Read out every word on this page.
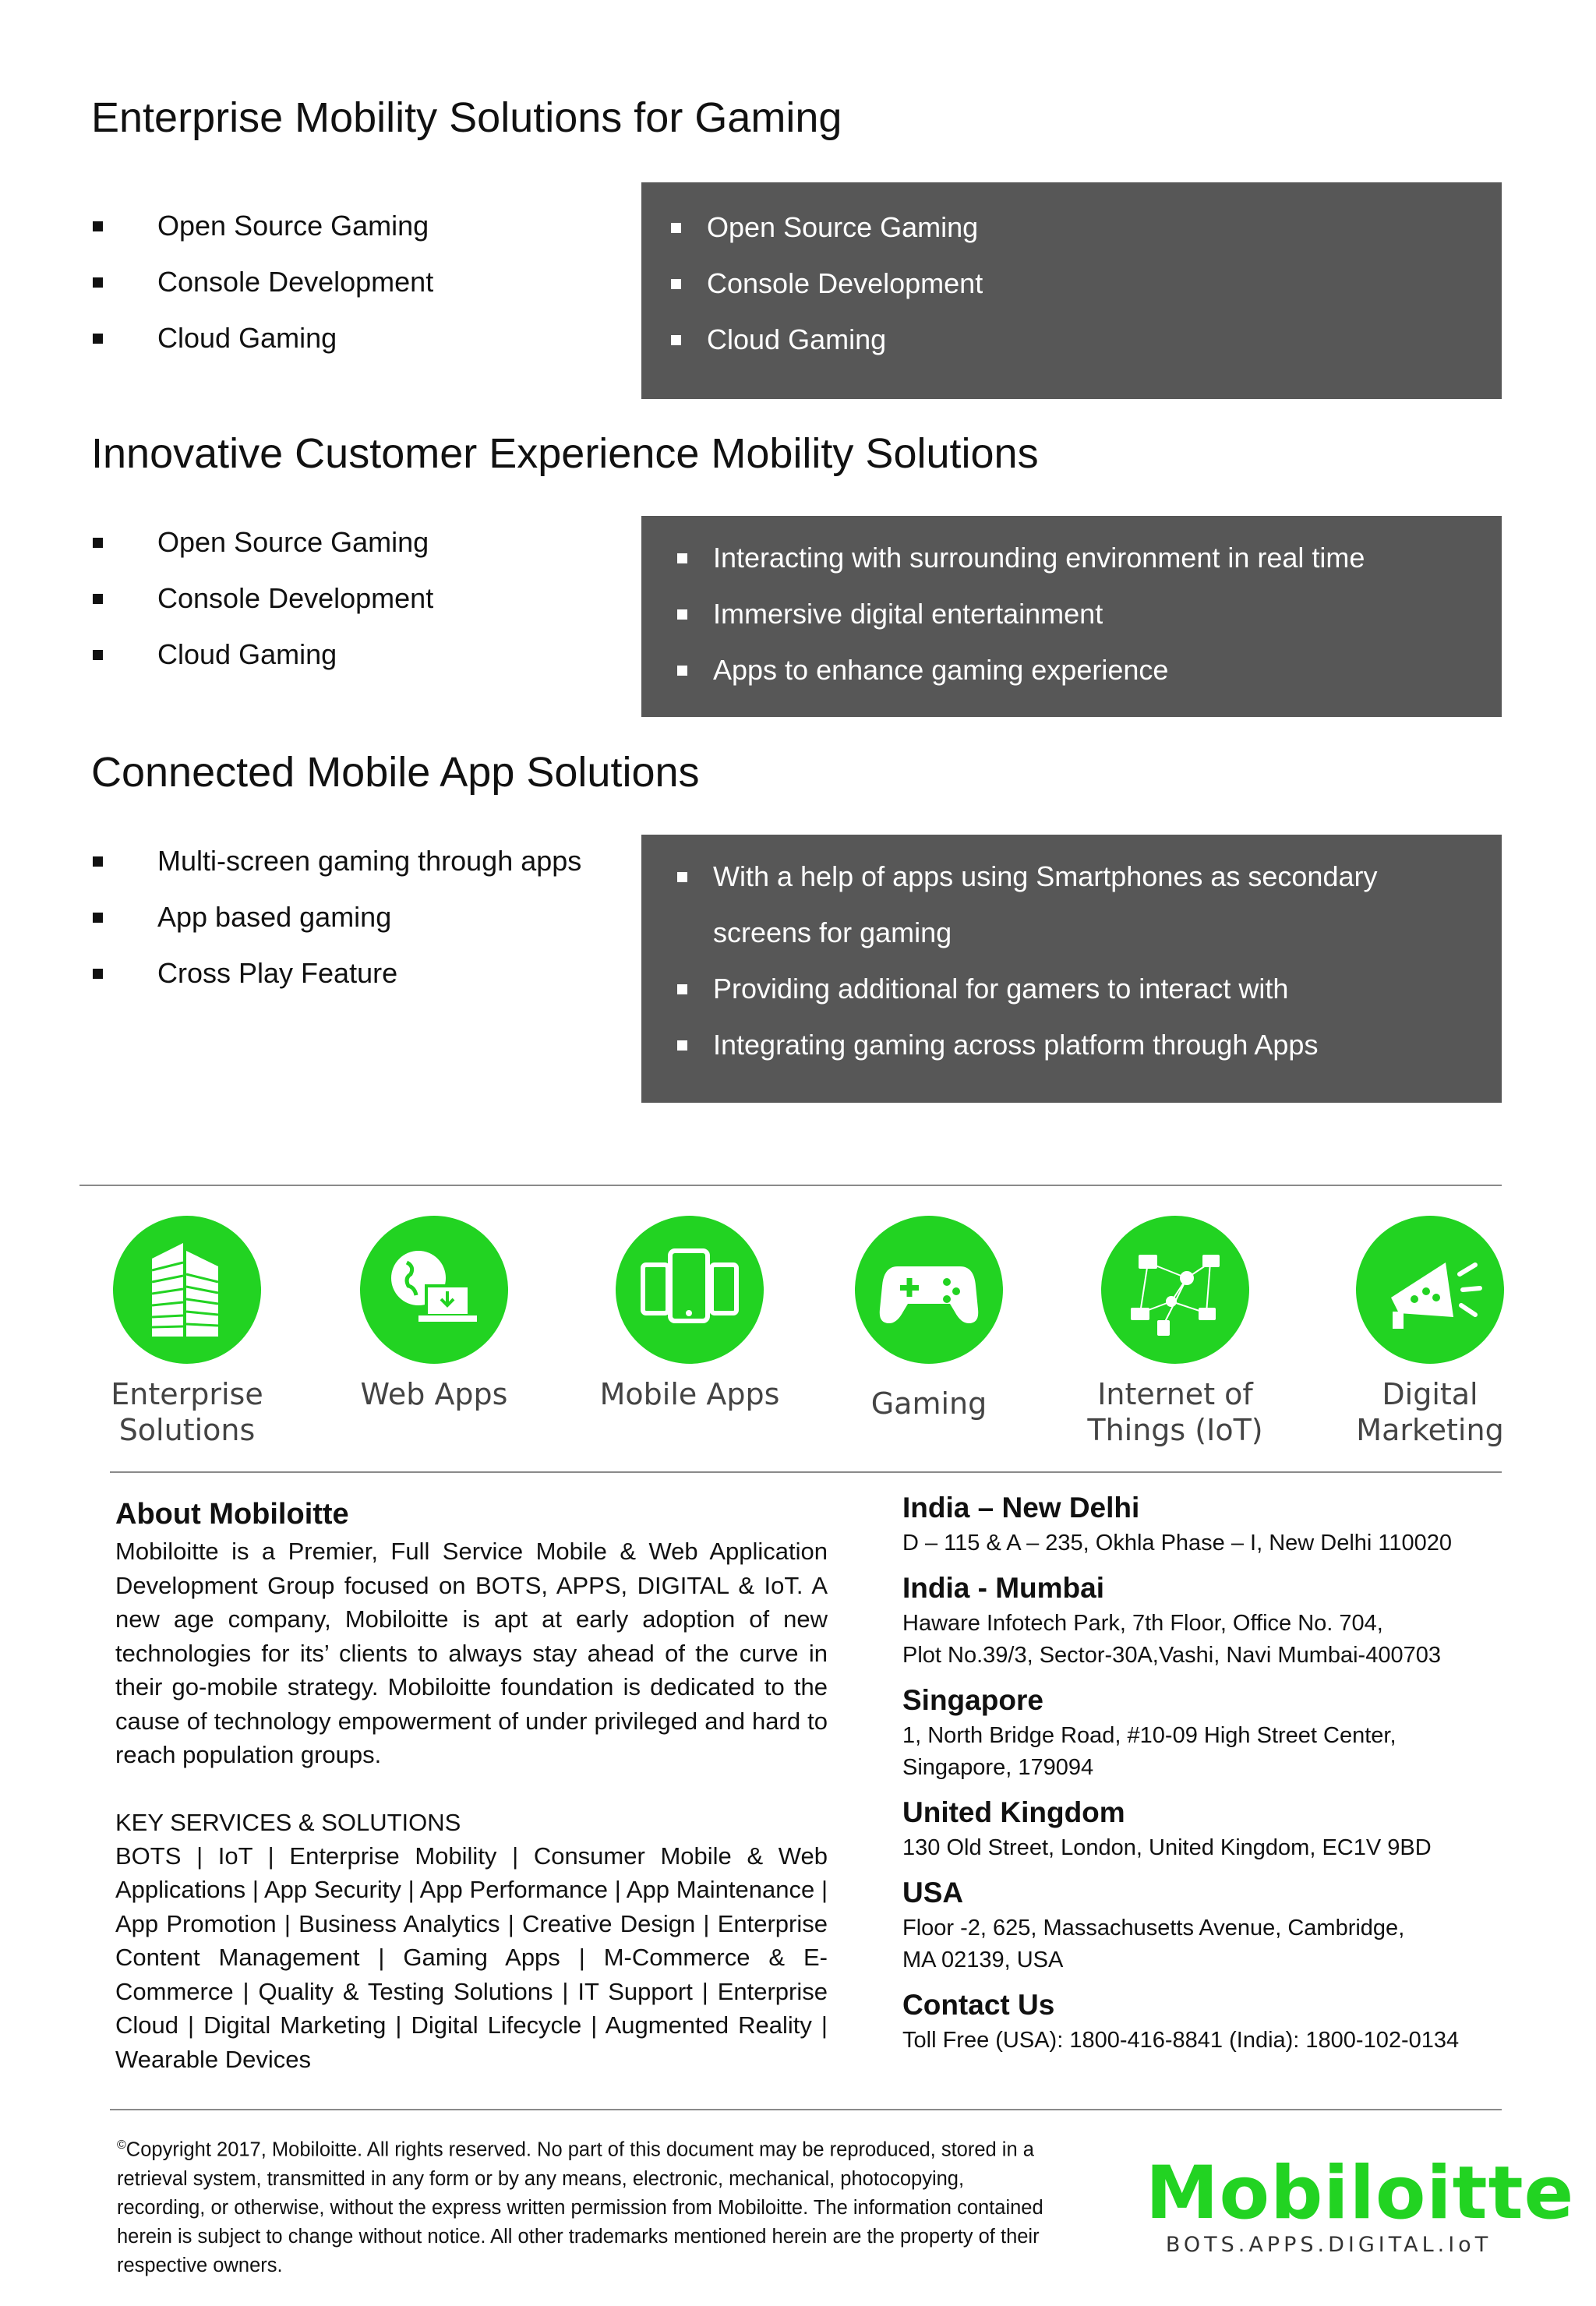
Enterprise Mobility Solutions for Gaming
Open Source Gaming
Console Development
Cloud Gaming
Open Source Gaming
Console Development
Cloud Gaming
Innovative Customer Experience Mobility Solutions
Open Source Gaming
Console Development
Cloud Gaming
Interacting with surrounding environment in real time
Immersive digital entertainment
Apps to enhance gaming experience
Connected Mobile App Solutions
Multi-screen gaming through apps
App based gaming
Cross Play Feature
With a help of apps using Smartphones as secondary screens for gaming
Providing additional for gamers to interact with
Integrating gaming across platform through Apps
Enterprise Solutions
Web Apps	Mobile Apps	Gaming	Internet of Things (IoT)
Digital Marketing
About Mobiloitte

Mobiloitte is a Premier, Full Service Mobile & Web Application Development Group focused on BOTS, APPS, DIGITAL & IoT. A new age company, Mobiloitte is apt at early adoption of new technologies for its’ clients to always stay ahead of the curve in their go-mobile strategy. Mobiloitte foundation is dedicated to the cause of technology empowerment of under privileged and hard to reach population groups.

KEY SERVICES & SOLUTIONS

BOTS | IoT | Enterprise Mobility | Consumer Mobile & Web Applications | App Security | App Performance | App Maintenance | App Promotion | Business Analytics | Creative Design | Enterprise Content Management | Gaming Apps | M-Commerce & E-Commerce | Quality & Testing Solutions | IT Support | Enterprise Cloud | Digital Marketing | Digital Lifecycle | Augmented Reality | Wearable Devices

India – New Delhi

D – 115 & A – 235, Okhla Phase – I, New Delhi 110020

India - Mumbai

Haware Infotech Park, 7th Floor, Office No. 704,

Plot No.39/3, Sector-30A,Vashi, Navi Mumbai-400703

Singapore

1, North Bridge Road, #10-09 High Street Center,

Singapore, 179094

United Kingdom

130 Old Street, London, United Kingdom, EC1V 9BD

USA

Floor -2, 625, Massachusetts Avenue, Cambridge,

MA 02139, USA

Contact Us

Toll Free (USA): 1800-416-8841 (India): 1800-102-0134

©Copyright 2017, Mobiloitte. All rights reserved. No part of this document may be reproduced, stored in a retrieval system, transmitted in any form or by any means, electronic, mechanical, photocopying, recording, or otherwise, without the express written permission from Mobiloitte. The information contained herein is subject to change without notice. All other trademarks mentioned herein are the property of their respective owners.
Mobiloitte
BOTS.APPS.DIGITAL.IoT
